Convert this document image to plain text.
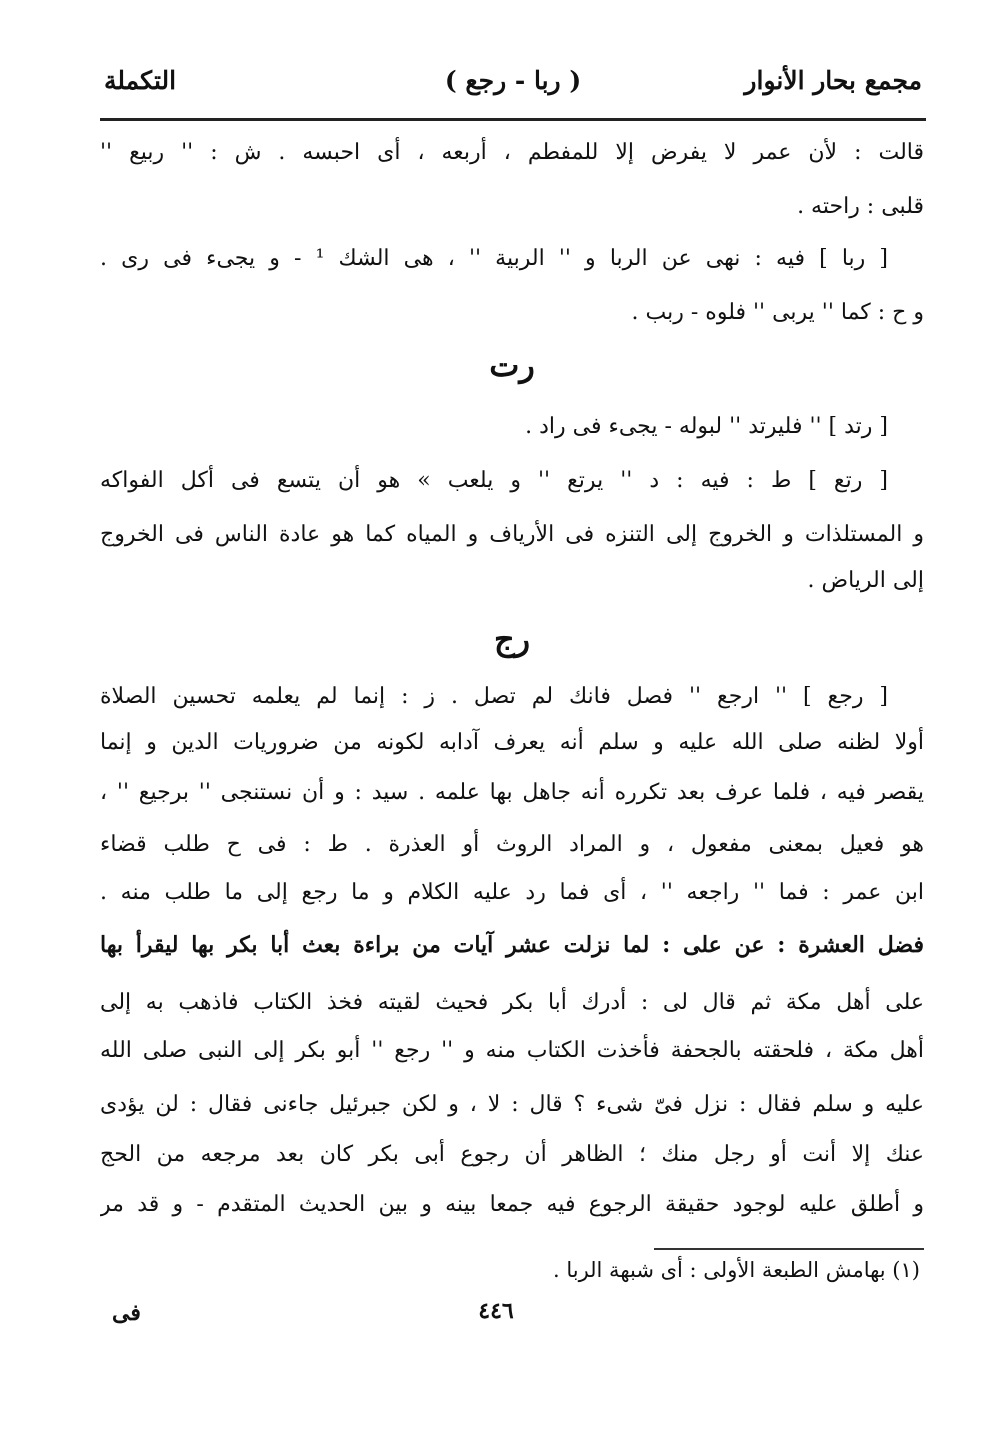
مجمع بحار الأنوار
( ربا - رجع )
التكملة
قالت : لأن عمر لا يفرض إلا للمفطم ، أربعه ، أى احبسه . ش : '' ربيع ''
قلبى : راحته .
[ ربا ] فيه : نهى عن الربا و '' الربية '' ، هى الشك ¹ - و يجىء فى رى .
و ح : كما '' يربى '' فلوه - ربب .
رت
[ رتد ] '' فليرتد '' لبوله - يجىء فى راد .
[ رتع ] ط : فيه : د '' يرتع '' و يلعب » هو أن يتسع فى أكل الفواكه
و المستلذات و الخروج إلى التنزه فى الأرياف و المياه كما هو عادة الناس فى الخروج
إلى الرياض .
رج
[ رجع ] '' ارجع '' فصل فانك لم تصل . ز : إنما لم يعلمه تحسين الصلاة
أولا لظنه صلى الله عليه و سلم أنه يعرف آدابه لكونه من ضروريات الدين و إنما
يقصر فيه ، فلما عرف بعد تكرره أنه جاهل بها علمه . سيد : و أن نستنجى '' برجيع '' ،
هو فعيل بمعنى مفعول ، و المراد الروث أو العذرة . ط : فى ح طلب قضاء
ابن عمر : فما '' راجعه '' ، أى فما رد عليه الكلام و ما رجع إلى ما طلب منه .
فضل العشرة : عن على : لما نزلت عشر آيات من براءة بعث أبا بكر بها ليقرأ بها
على أهل مكة ثم قال لى : أدرك أبا بكر فحيث لقيته فخذ الكتاب فاذهب به إلى
أهل مكة ، فلحقته بالجحفة فأخذت الكتاب منه و '' رجع '' أبو بكر إلى النبى صلى الله
عليه و سلم فقال : نزل فىّ شىء ؟ قال : لا ، و لكن جبرئيل جاءنى فقال : لن يؤدى
عنك إلا أنت أو رجل منك ؛ الظاهر أن رجوع أبى بكر كان بعد مرجعه من الحج
و أطلق عليه لوجود حقيقة الرجوع فيه جمعا بينه و بين الحديث المتقدم - و قد مر
(١) بهامش الطبعة الأولى : أى شبهة الربا .
فى	٤٤٦
